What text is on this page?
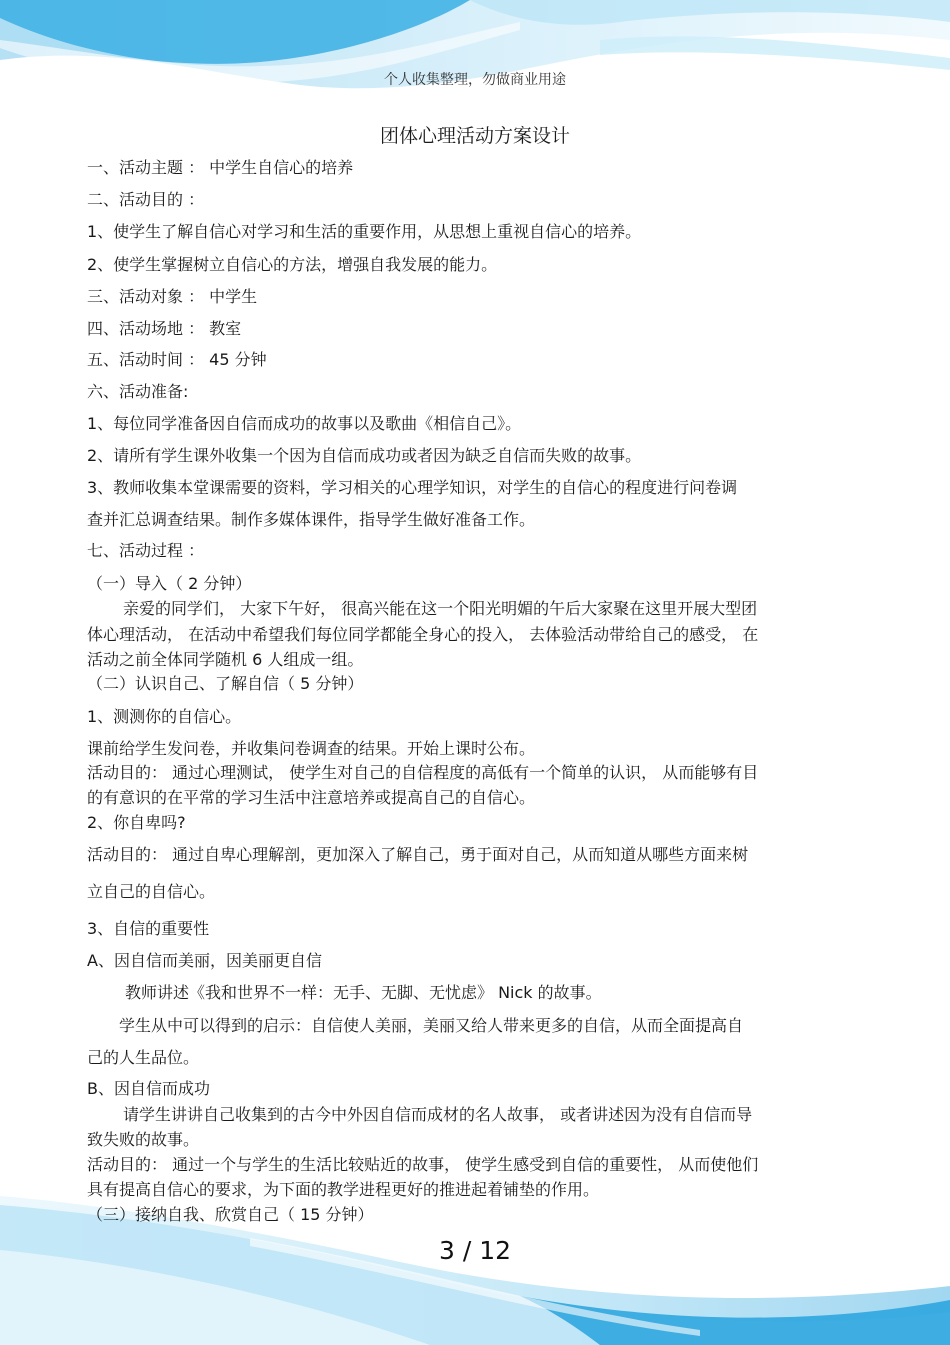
个人收集整理，勿做商业用途
团体心理活动方案设计
一、活动主题 ： 中学生自信心的培养
二、活动目的 ：
1、使学生了解自信心对学习和生活的重要作用，从思想上重视自信心的培养。
2、使学生掌握树立自信心的方法，增强自我发展的能力。
三、活动对象 ： 中学生
四、活动场地 ： 教室
五、活动时间 ： 45 分钟
六、活动准备:
1、每位同学准备因自信而成功的故事以及歌曲《相信自己》。
2、请所有学生课外收集一个因为自信而成功或者因为缺乏自信而失败的故事。
3、教师收集本堂课需要的资料，学习相关的心理学知识，对学生的自信心的程度进行问卷调
查并汇总调查结果。制作多媒体课件，指导学生做好准备工作。
七、活动过程 ：
（一）导入（ 2 分钟）
亲爱的同学们， 大家下午好， 很高兴能在这一个阳光明媚的午后大家聚在这里开展大型团
体心理活动， 在活动中希望我们每位同学都能全身心的投入， 去体验活动带给自己的感受， 在
活动之前全体同学随机 6 人组成一组。
（二）认识自己、了解自信（ 5 分钟）
1、测测你的自信心。
课前给学生发问卷，并收集问卷调查的结果。开始上课时公布。
活动目的： 通过心理测试， 使学生对自己的自信程度的高低有一个简单的认识， 从而能够有目
的有意识的在平常的学习生活中注意培养或提高自己的自信心。
2、你自卑吗?
活动目的： 通过自卑心理解剖，更加深入了解自己，勇于面对自己，从而知道从哪些方面来树
立自己的自信心。
3、自信的重要性
A、因自信而美丽，因美丽更自信
教师讲述《我和世界不一样：无手、无脚、无忧虑》 Nick 的故事。
学生从中可以得到的启示：自信使人美丽，美丽又给人带来更多的自信，从而全面提高自
己的人生品位。
B、因自信而成功
请学生讲讲自己收集到的古今中外因自信而成材的名人故事， 或者讲述因为没有自信而导
致失败的故事。
活动目的： 通过一个与学生的生活比较贴近的故事， 使学生感受到自信的重要性， 从而使他们
具有提高自信心的要求，为下面的教学进程更好的推进起着铺垫的作用。
（三）接纳自我、欣赏自己（ 15 分钟）
3 / 12
